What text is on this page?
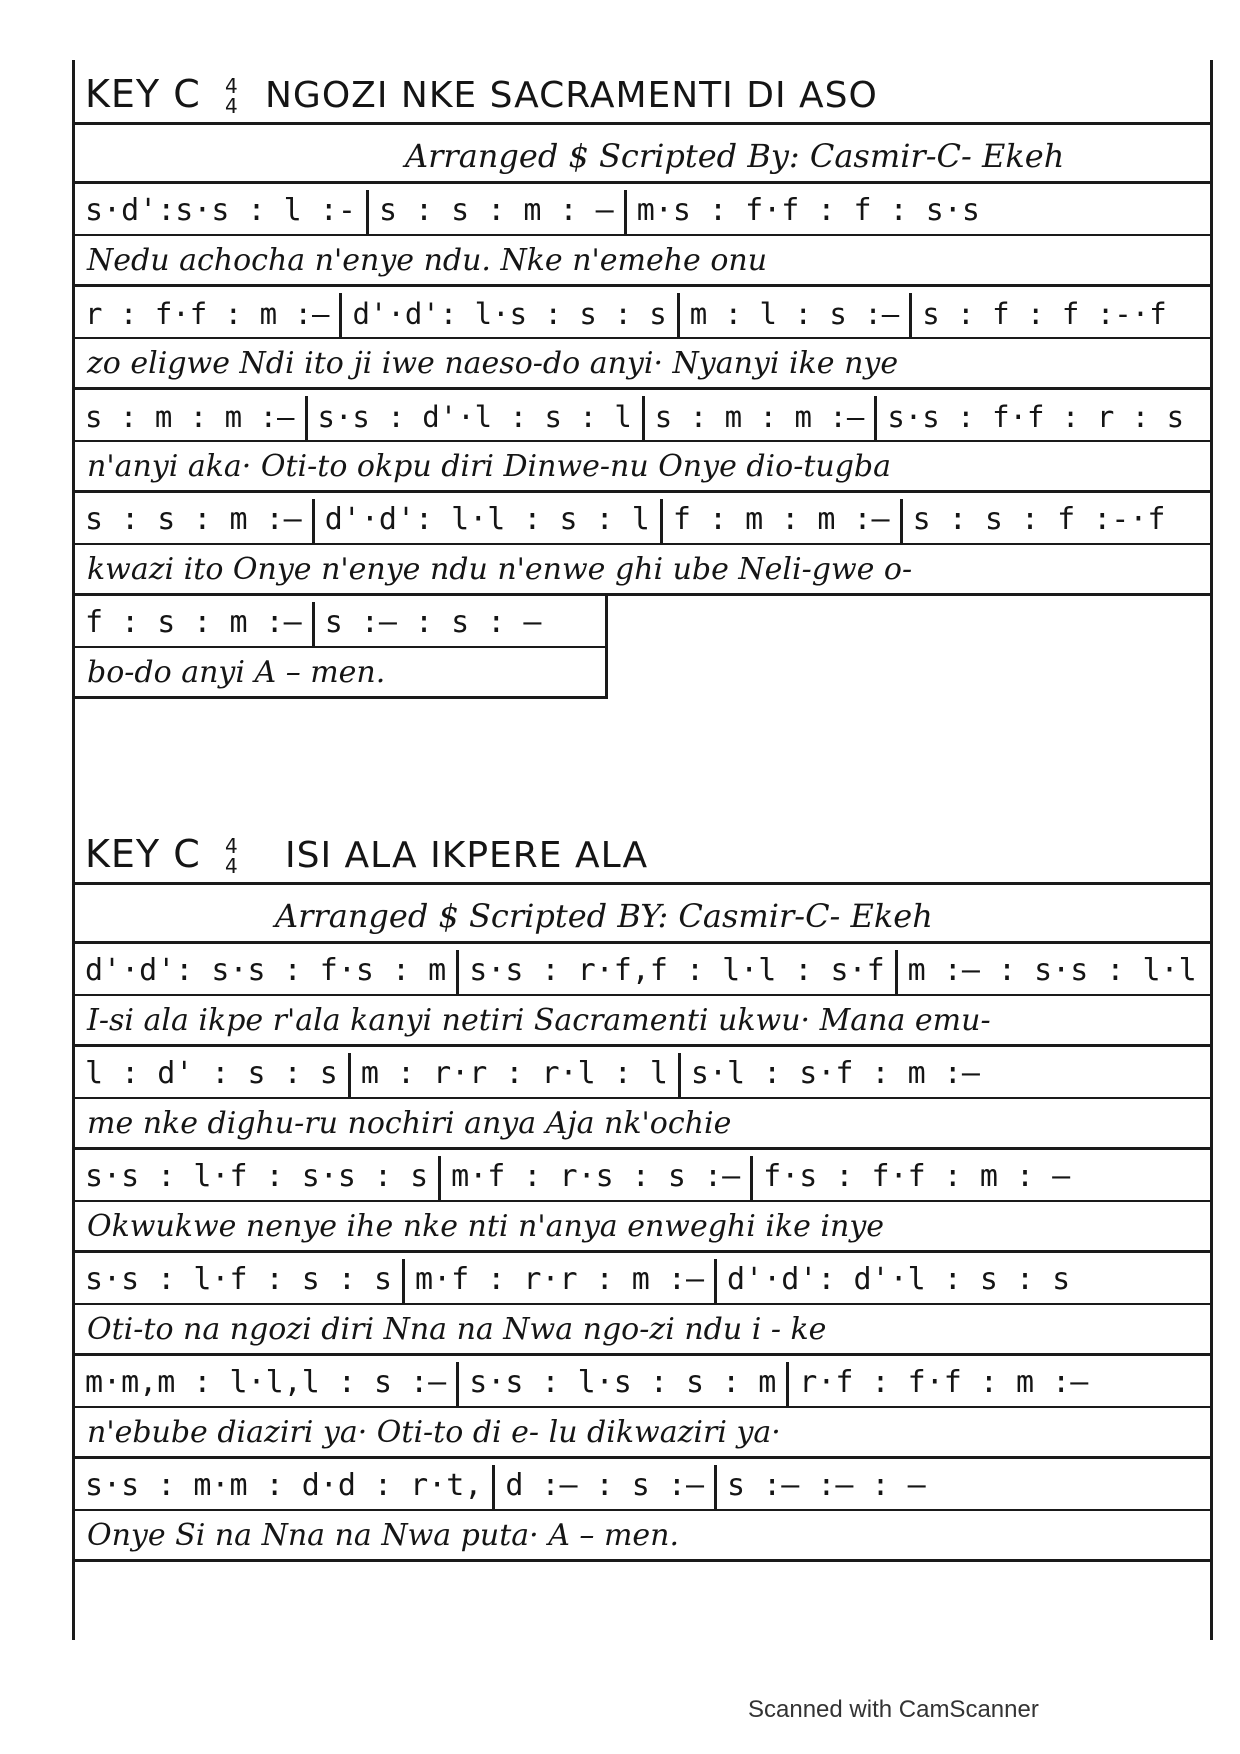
KEY C 4
4 NGOZI NKE SACRAMENTI DI ASO
Arranged $ Scripted By: Casmir-C- Ekeh
s·d':s·s : l :- s : s : m : – m·s : f·f : f : s·s
Nedu achocha n'enye ndu. Nke n'emehe onu
r : f·f : m :– d'·d': l·s : s : s m : l : s :– s : f : f :-·f
zo eligwe Ndi ito ji iwe naeso-do anyi· Nyanyi ike nye
s : m : m :– s·s : d'·l : s : l s : m : m :– s·s : f·f : r : s
n'anyi aka· Oti-to okpu diri Dinwe-nu Onye dio-tugba
s : s : m :– d'·d': l·l : s : l f : m : m :– s : s : f :-·f
kwazi ito Onye n'enye ndu n'enwe ghi ube Neli-gwe o-
f : s : m :– s :– : s : –
bo-do anyi A – men.
KEY C 4
4 ISI ALA IKPERE ALA
Arranged $ Scripted BY: Casmir-C- Ekeh
d'·d': s·s : f·s : m s·s : r·f,f : l·l : s·f m :– : s·s : l·l
I-si ala ikpe r'ala kanyi netiri Sacramenti ukwu· Mana emu-
l : d' : s : s m : r·r : r·l : l s·l : s·f : m :–
me nke dighu-ru nochiri anya Aja nk'ochie
s·s : l·f : s·s : s m·f : r·s : s :– f·s : f·f : m : –
Okwukwe nenye ihe nke nti n'anya enweghi ike inye
s·s : l·f : s : s m·f : r·r : m :– d'·d': d'·l : s : s
Oti-to na ngozi diri Nna na Nwa ngo-zi ndu i - ke
m·m,m : l·l,l : s :– s·s : l·s : s : m r·f : f·f : m :–
n'ebube diaziri ya· Oti-to di e- lu dikwaziri ya·
s·s : m·m : d·d : r·t, d :– : s :– s :– :– : –
Onye Si na Nna na Nwa puta· A – men.
Scanned with CamScanner
